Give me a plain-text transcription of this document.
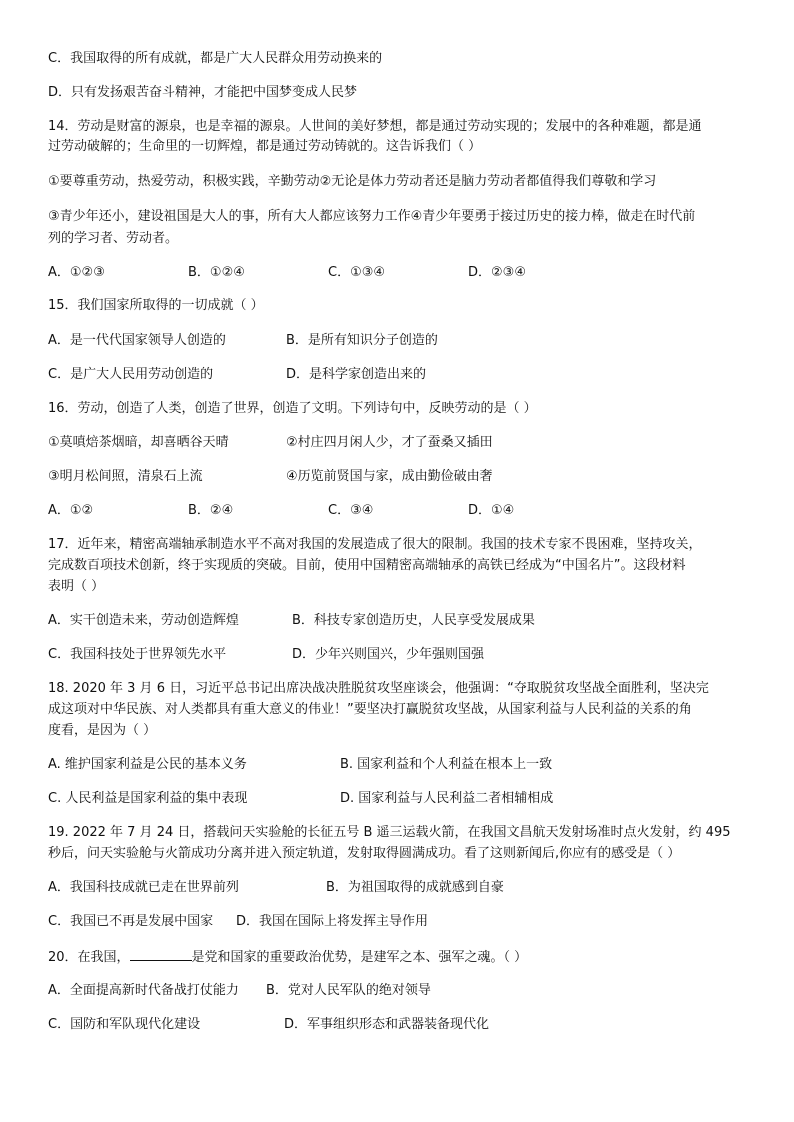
C．我国取得的所有成就，都是广大人民群众用劳动换来的
D．只有发扬艰苦奋斗精神，才能把中国梦变成人民梦
14．劳动是财富的源泉，也是幸福的源泉。人世间的美好梦想，都是通过劳动实现的；发展中的各种难题，都是通
过劳动破解的；生命里的一切辉煌，都是通过劳动铸就的。这告诉我们（ ）
①要尊重劳动，热爱劳动，积极实践，辛勤劳动②无论是体力劳动者还是脑力劳动者都值得我们尊敬和学习
③青少年还小，建设祖国是大人的事，所有大人都应该努力工作④青少年要勇于接过历史的接力棒，做走在时代前
列的学习者、劳动者。
A．①②③	B．①②④	C．①③④	D．②③④
15．我们国家所取得的一切成就（ ）
A．是一代代国家领导人创造的	B．是所有知识分子创造的
C．是广大人民用劳动创造的	D．是科学家创造出来的
16．劳动，创造了人类，创造了世界，创造了文明。下列诗句中，反映劳动的是（ ）
①莫嗔焙茶烟暗，却喜晒谷天晴	②村庄四月闲人少，才了蚕桑又插田
③明月松间照，清泉石上流	④历览前贤国与家，成由勤俭破由奢
A．①②	B．②④	C．③④	D．①④
17．近年来，精密高端轴承制造水平不高对我国的发展造成了很大的限制。我国的技术专家不畏困难，坚持攻关，
完成数百项技术创新，终于实现质的突破。目前，使用中国精密高端轴承的高铁已经成为“中国名片”。这段材料
表明（ ）
A．实干创造未来，劳动创造辉煌	B．科技专家创造历史，人民享受发展成果
C．我国科技处于世界领先水平	D．少年兴则国兴，少年强则国强
18. 2020 年 3 月 6 日，习近平总书记出席决战决胜脱贫攻坚座谈会，他强调：“夺取脱贫攻坚战全面胜利，坚决完
成这项对中华民族、对人类都具有重大意义的伟业！”要坚决打赢脱贫攻坚战，从国家利益与人民利益的关系的角
度看，是因为（ ）
A. 维护国家利益是公民的基本义务	B. 国家利益和个人利益在根本上一致
C. 人民利益是国家利益的集中表现	D. 国家利益与人民利益二者相辅相成
19. 2022 年 7 月 24 日，搭载问天实验舱的长征五号 B 遥三运载火箭，在我国文昌航天发射场准时点火发射，约 495
秒后，问天实验舱与火箭成功分离并进入预定轨道，发射取得圆满成功。看了这则新闻后,你应有的感受是（ ）
A．我国科技成就已走在世界前列	B．为祖国取得的成就感到自豪
C．我国已不再是发展中国家 D．我国在国际上将发挥主导作用
20．在我国，	是党和国家的重要政治优势，是建军之本、强军之魂。（ ）
A．全面提高新时代备战打仗能力 B．党对人民军队的绝对领导
C．国防和军队现代化建设	D．军事组织形态和武器装备现代化
